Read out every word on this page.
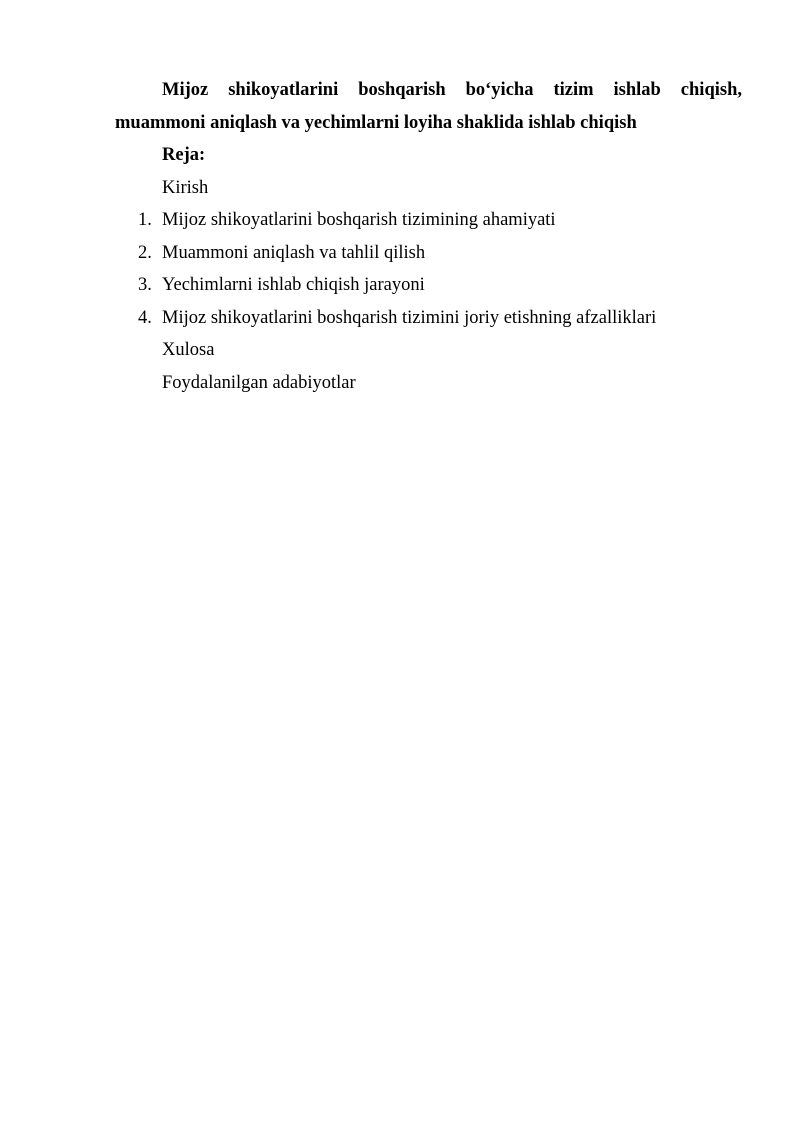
Mijoz shikoyatlarini boshqarish bo‘yicha tizim ishlab chiqish,
muammoni aniqlash va yechimlarni loyiha shaklida ishlab chiqish

Reja:

Kirish

1. Mijoz shikoyatlarini boshqarish tizimining ahamiyati
2. Muammoni aniqlash va tahlil qilish
3. Yechimlarni ishlab chiqish jarayoni
4. Mijoz shikoyatlarini boshqarish tizimini joriy etishning afzalliklari

Xulosa

Foydalanilgan adabiyotlar
